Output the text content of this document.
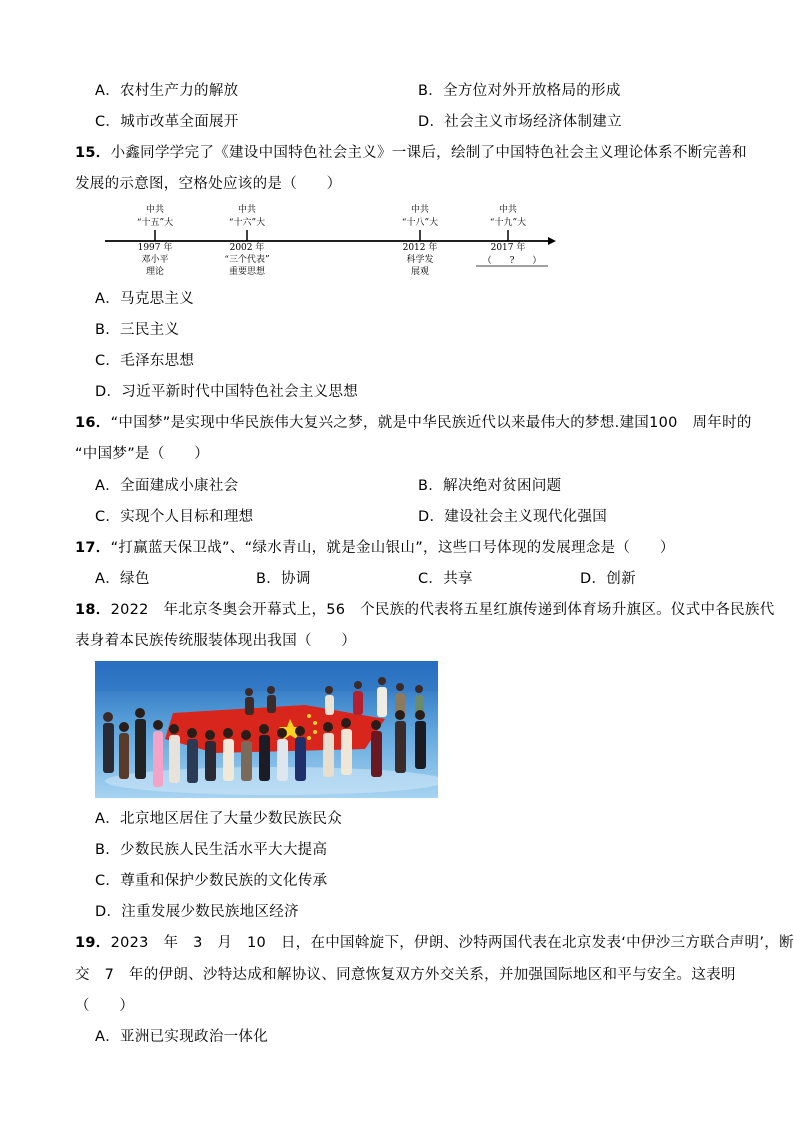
A．农村生产力的解放	B．全方位对外开放格局的形成
C．城市改革全面展开	D．社会主义市场经济体制建立
15．小鑫同学学完了《建设中国特色社会主义》一课后，绘制了中国特色社会主义理论体系不断完善和
发展的示意图，空格处应该的是（　　）
中共
“十五”大
1997 年
邓小平
理论
中共
“十六”大
2002 年
“三个代表”
重要思想
中共
“十八”大
2012 年
科学发
展观
中共
“十九”大
2017 年
（　　?　　）
A．马克思主义
B．三民主义
C．毛泽东思想
D．习近平新时代中国特色社会主义思想
16．“中国梦”是实现中华民族伟大复兴之梦，就是中华民族近代以来最伟大的梦想.建国100　周年时的
“中国梦”是（　　）
A．全面建成小康社会	B．解决绝对贫困问题
C．实现个人目标和理想	D．建设社会主义现代化强国
17．“打赢蓝天保卫战”、“绿水青山，就是金山银山”，这些口号体现的发展理念是（　　）
A．绿色	B．协调	C．共享	D．创新
18．2022　年北京冬奥会开幕式上，56　个民族的代表将五星红旗传递到体育场升旗区。仪式中各民族代
表身着本民族传统服装体现出我国（　　）
A．北京地区居住了大量少数民族民众
B．少数民族人民生活水平大大提高
C．尊重和保护少数民族的文化传承
D．注重发展少数民族地区经济
19．2023　年　3　月　10　日，在中国斡旋下，伊朗、沙特两国代表在北京发表‘中伊沙三方联合声明’，断
交　7　年的伊朗、沙特达成和解协议、同意恢复双方外交关系，并加强国际地区和平与安全。这表明
（　　）
A．亚洲已实现政治一体化
